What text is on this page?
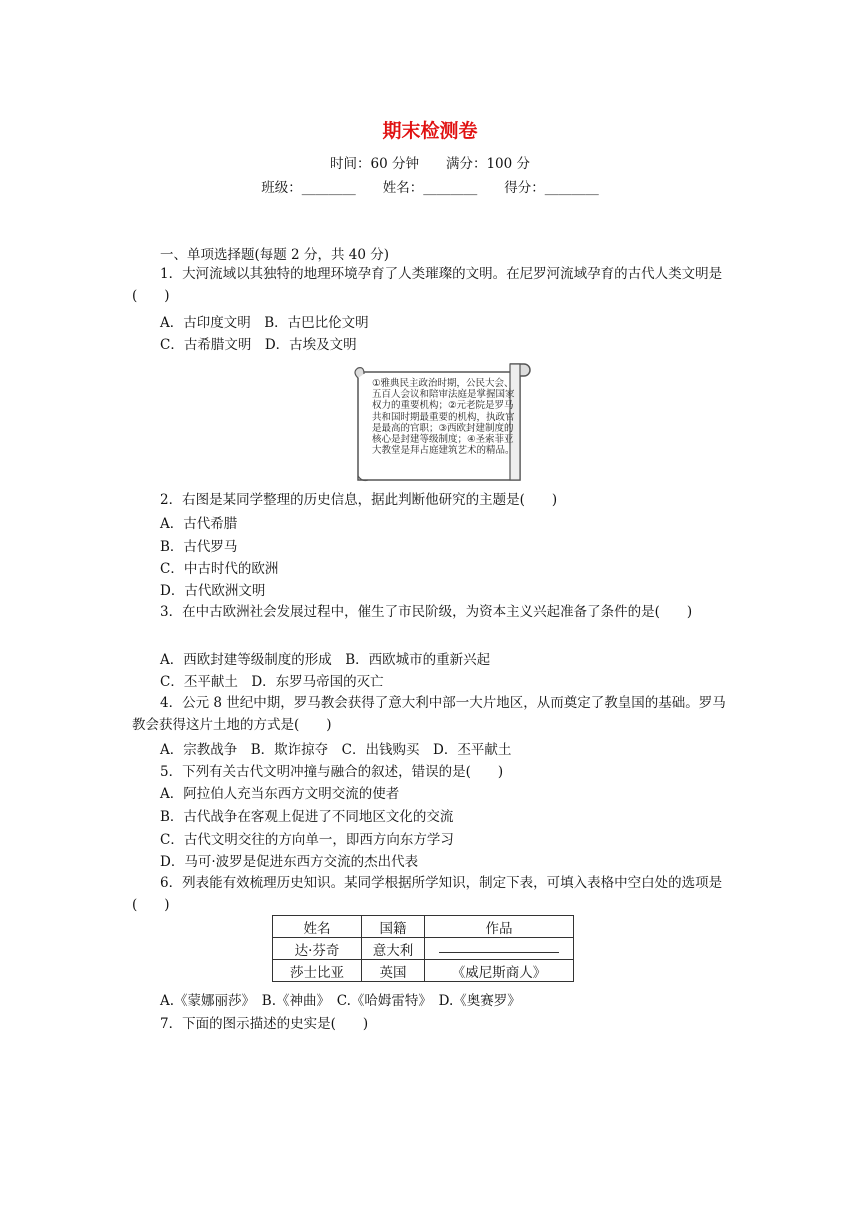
期末检测卷
时间：60 分钟　　满分：100 分
班级：________　　姓名：________　　得分：________
一、单项选择题(每题 2 分，共 40 分)
1．大河流域以其独特的地理环境孕育了人类璀璨的文明。在尼罗河流域孕育的古代人类文明是(　　)
A．古印度文明　B．古巴比伦文明
C．古希腊文明　D．古埃及文明
①雅典民主政治时期，公民大会、五百人会议和陪审法庭是掌握国家权力的重要机构；②元老院是罗马共和国时期最重要的机构，执政官是最高的官职；③西欧封建制度的核心是封建等级制度；④圣索菲亚大教堂是拜占庭建筑艺术的精品。
2．右图是某同学整理的历史信息，据此判断他研究的主题是(　　)
A．古代希腊
B．古代罗马
C．中古时代的欧洲
D．古代欧洲文明
3．在中古欧洲社会发展过程中，催生了市民阶级，为资本主义兴起准备了条件的是(　　)
A．西欧封建等级制度的形成　B．西欧城市的重新兴起
C．丕平献土　D．东罗马帝国的灭亡
4．公元 8 世纪中期，罗马教会获得了意大利中部一大片地区，从而奠定了教皇国的基础。罗马教会获得这片土地的方式是(　　)
A．宗教战争　B．欺诈掠夺　C．出钱购买　D．丕平献土
5．下列有关古代文明冲撞与融合的叙述，错误的是(　　)
A．阿拉伯人充当东西方文明交流的使者
B．古代战争在客观上促进了不同地区文化的交流
C．古代文明交往的方向单一，即西方向东方学习
D．马可·波罗是促进东西方交流的杰出代表
6．列表能有效梳理历史知识。某同学根据所学知识，制定下表，可填入表格中空白处的选项是(　　)
姓名	国籍	作品
达·芬奇	意大利	
莎士比亚	英国	《威尼斯商人》
A.《蒙娜丽莎》　B.《神曲》　C.《哈姆雷特》　D.《奥赛罗》
7．下面的图示描述的史实是(　　)
